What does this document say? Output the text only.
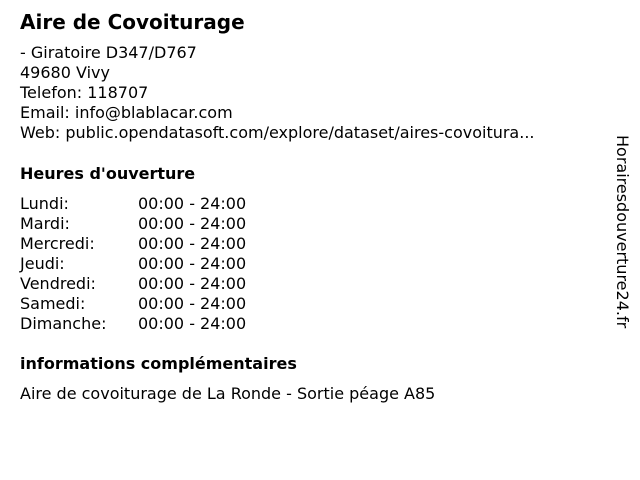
Aire de Covoiturage
- Giratoire D347/D767
49680 Vivy
Telefon: 118707
Email: info@blablacar.com
Web: public.opendatasoft.com/explore/dataset/aires-covoitura...
Heures d'ouverture
Lundi:	00:00 - 24:00
Mardi:	00:00 - 24:00
Mercredi:	00:00 - 24:00
Jeudi:	00:00 - 24:00
Vendredi:	00:00 - 24:00
Samedi:	00:00 - 24:00
Dimanche:	00:00 - 24:00
informations complémentaires
Aire de covoiturage de La Ronde - Sortie péage A85
Horairesdouverture24.fr
